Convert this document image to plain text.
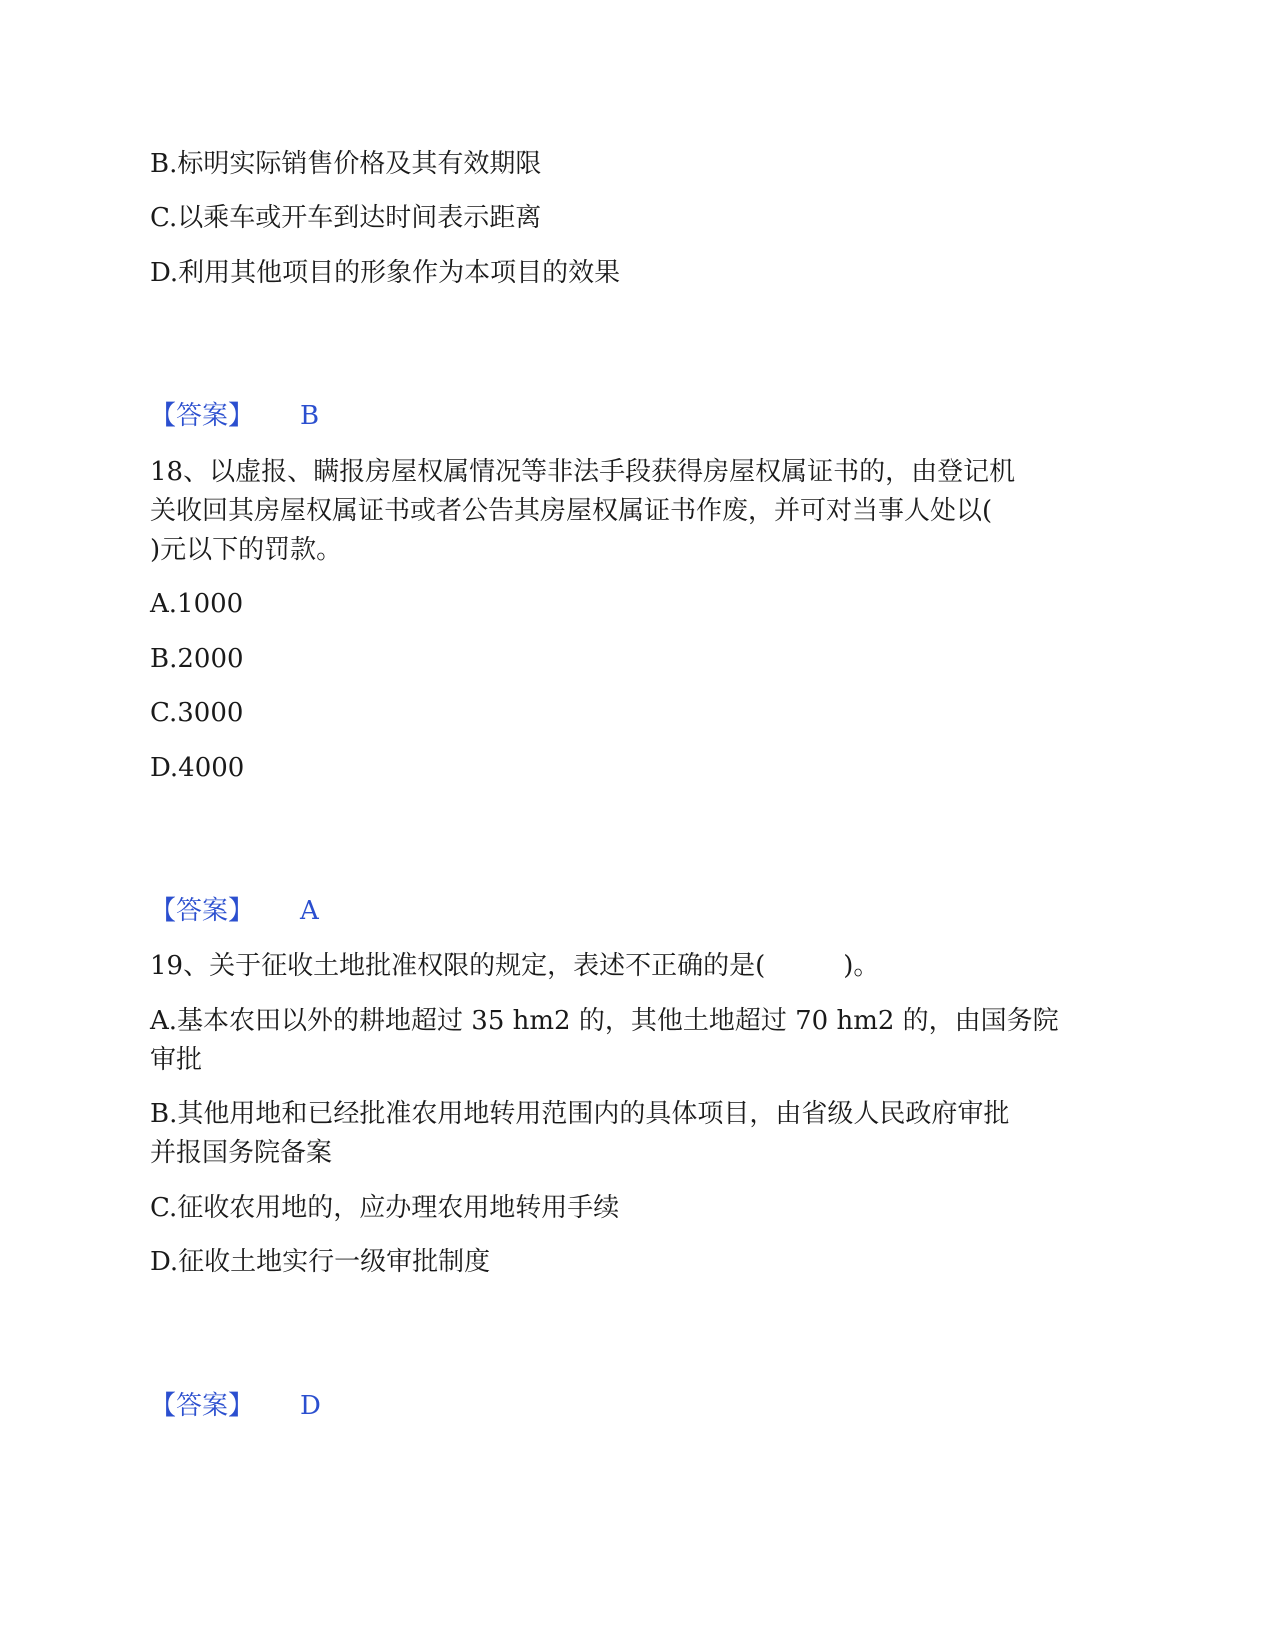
B.标明实际销售价格及其有效期限
C.以乘车或开车到达时间表示距离
D.利用其他项目的形象作为本项目的效果
【答案】 B
18、以虚报、瞒报房屋权属情况等非法手段获得房屋权属证书的，由登记机
关收回其房屋权属证书或者公告其房屋权属证书作废，并可对当事人处以(
)元以下的罚款。
A.1000
B.2000
C.3000
D.4000
【答案】 A
19、关于征收土地批准权限的规定，表述不正确的是(　　　)。
A.基本农田以外的耕地超过 35 hm2 的，其他土地超过 70 hm2 的，由国务院
审批
B.其他用地和已经批准农用地转用范围内的具体项目，由省级人民政府审批
并报国务院备案
C.征收农用地的，应办理农用地转用手续
D.征收土地实行一级审批制度
【答案】 D
